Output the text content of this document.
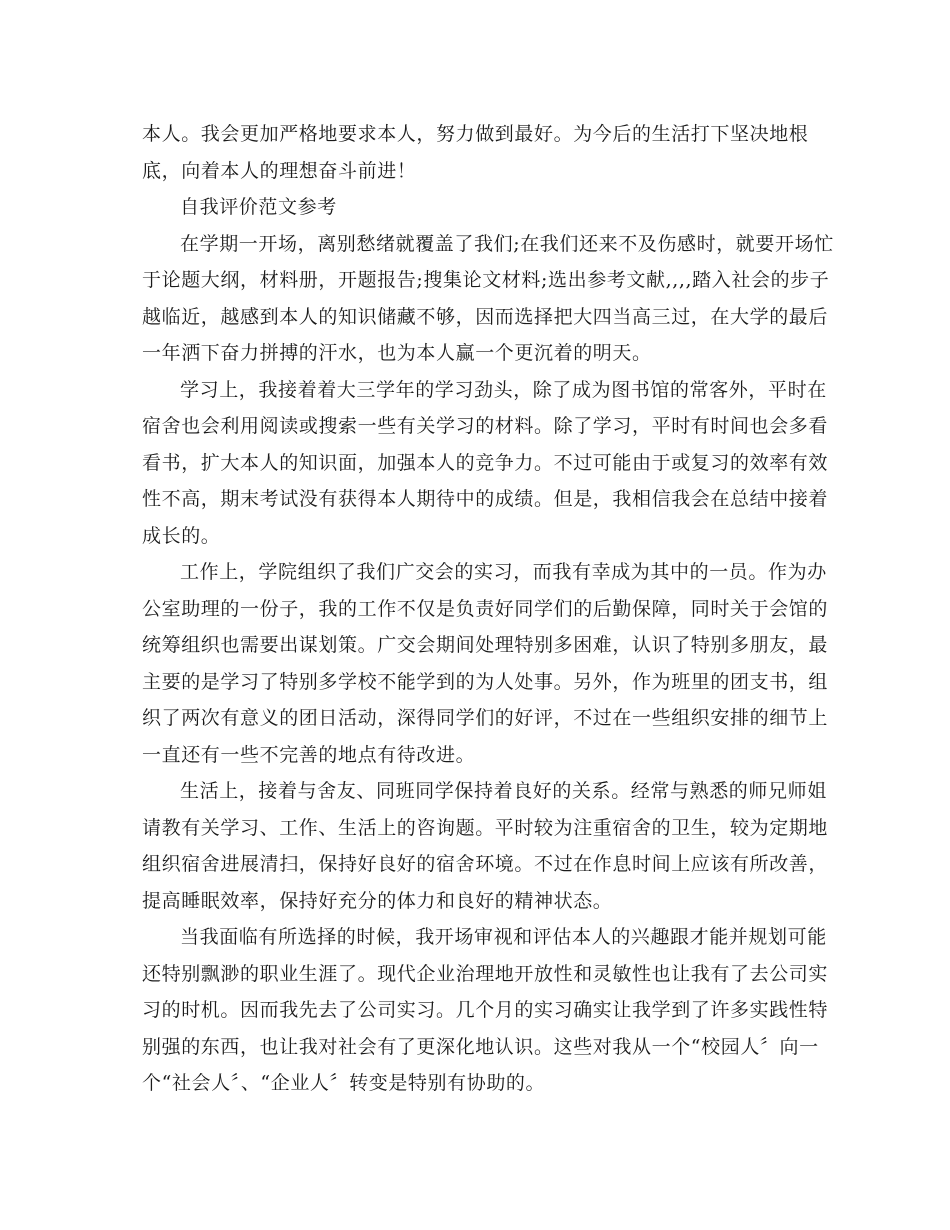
本人。我会更加严格地要求本人，努力做到最好。为今后的生活打下坚决地根

底，向着本人的理想奋斗前进！

自我评价范文参考

在学期一开场，离别愁绪就覆盖了我们;在我们还来不及伤感时，就要开场忙

于论题大纲，材料册，开题报告;搜集论文材料;选出参考文献,,,,踏入社会的步子

越临近，越感到本人的知识储藏不够，因而选择把大四当高三过，在大学的最后

一年洒下奋力拼搏的汗水，也为本人赢一个更沉着的明天。

学习上，我接着着大三学年的学习劲头，除了成为图书馆的常客外，平时在

宿舍也会利用阅读或搜索一些有关学习的材料。除了学习，平时有时间也会多看

看书，扩大本人的知识面，加强本人的竞争力。不过可能由于或复习的效率有效

性不高，期末考试没有获得本人期待中的成绩。但是，我相信我会在总结中接着

成长的。

工作上，学院组织了我们广交会的实习，而我有幸成为其中的一员。作为办

公室助理的一份子，我的工作不仅是负责好同学们的后勤保障，同时关于会馆的

统筹组织也需要出谋划策。广交会期间处理特别多困难，认识了特别多朋友，最

主要的是学习了特别多学校不能学到的为人处事。另外，作为班里的团支书，组

织了两次有意义的团日活动，深得同学们的好评，不过在一些组织安排的细节上

一直还有一些不完善的地点有待改进。

生活上，接着与舍友、同班同学保持着良好的关系。经常与熟悉的师兄师姐

请教有关学习、工作、生活上的咨询题。平时较为注重宿舍的卫生，较为定期地

组织宿舍进展清扫，保持好良好的宿舍环境。不过在作息时间上应该有所改善，

提高睡眠效率，保持好充分的体力和良好的精神状态。

当我面临有所选择的时候，我开场审视和评估本人的兴趣跟才能并规划可能

还特别飘渺的职业生涯了。现代企业治理地开放性和灵敏性也让我有了去公司实

习的时机。因而我先去了公司实习。几个月的实习确实让我学到了许多实践性特

别强的东西，也让我对社会有了更深化地认识。这些对我从一个“校园人〞向一

个“社会人〞、“企业人〞转变是特别有协助的。
